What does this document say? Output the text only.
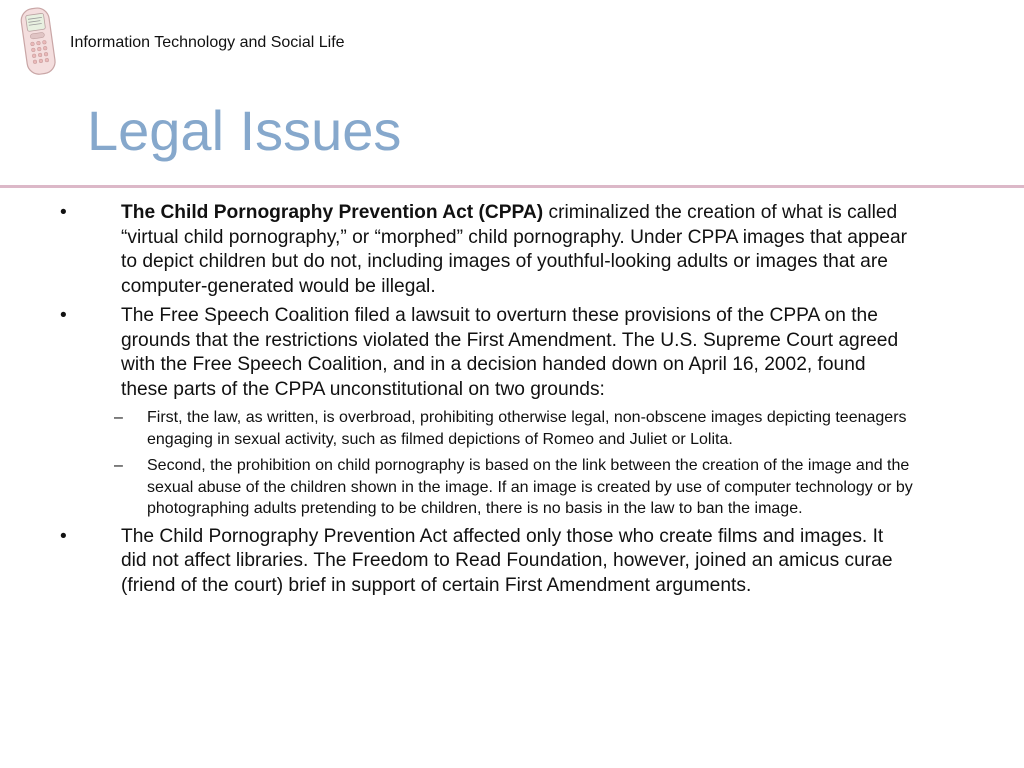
Information Technology and Social Life
Legal Issues
•	The Child Pornography Prevention Act (CPPA) criminalized the creation of what is called “virtual child pornography,” or “morphed” child pornography. Under CPPA images that appear to depict children but do not, including images of youthful-looking adults or images that are computer-generated would be illegal.
•	The Free Speech Coalition filed a lawsuit to overturn these provisions of the CPPA on the grounds that the restrictions violated the First Amendment. The U.S. Supreme Court agreed with the Free Speech Coalition, and in a decision handed down on April 16, 2002, found these parts of the CPPA unconstitutional on two grounds:
– First, the law, as written, is overbroad, prohibiting otherwise legal, non-obscene images depicting teenagers engaging in sexual activity, such as filmed depictions of Romeo and Juliet or Lolita.
– Second, the prohibition on child pornography is based on the link between the creation of the image and the sexual abuse of the children shown in the image. If an image is created by use of computer technology or by photographing adults pretending to be children, there is no basis in the law to ban the image.
•	The Child Pornography Prevention Act affected only those who create films and images. It did not affect libraries. The Freedom to Read Foundation, however, joined an amicus curae (friend of the court) brief in support of certain First Amendment arguments.
